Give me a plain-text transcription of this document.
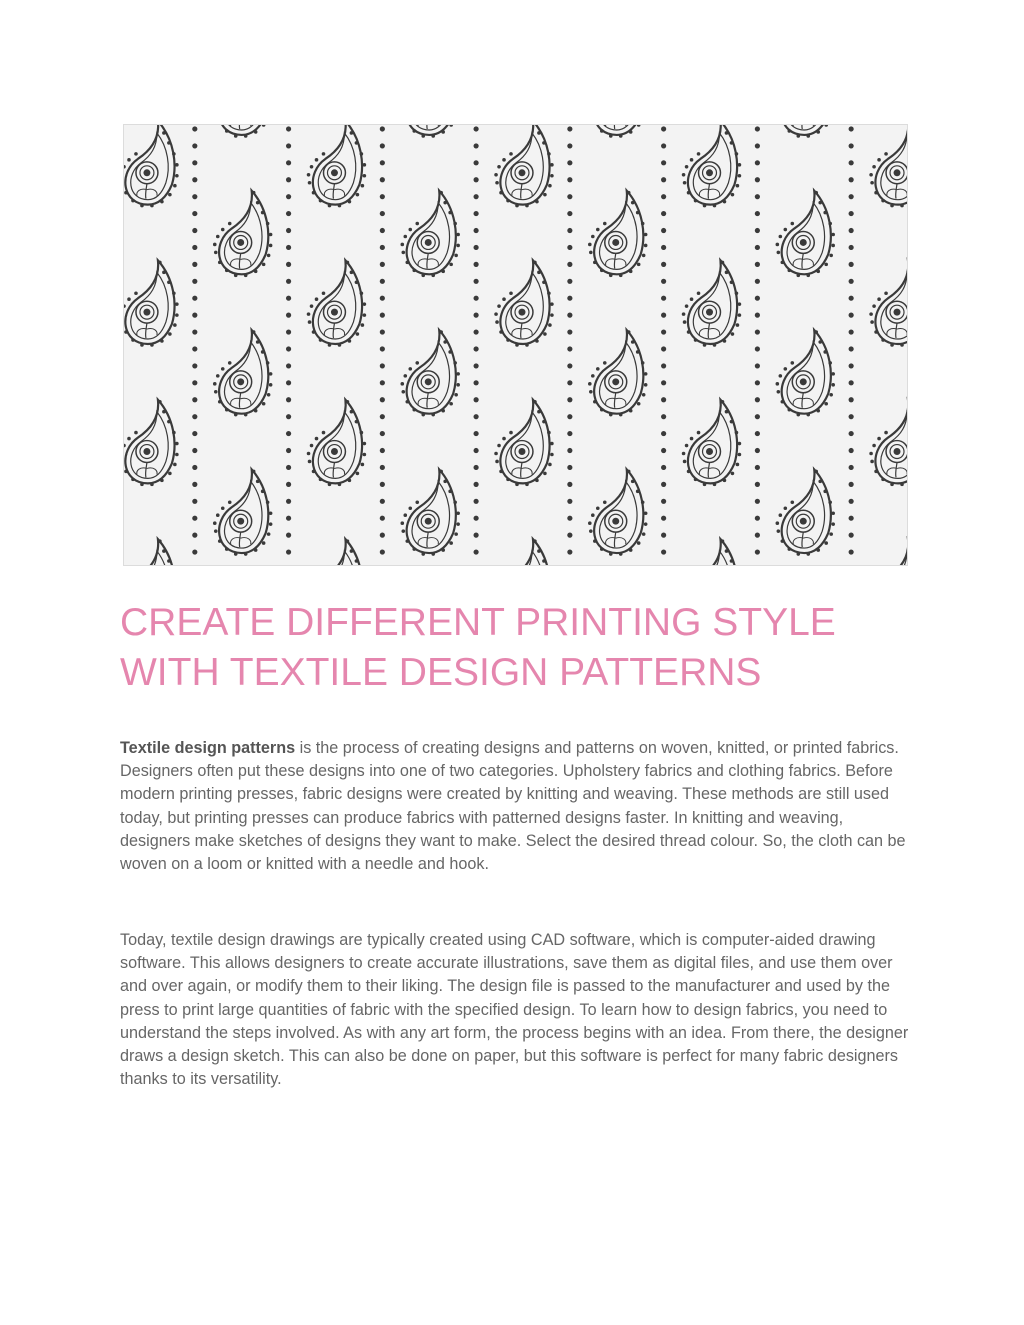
CREATE DIFFERENT PRINTING STYLE
WITH TEXTILE DESIGN PATTERNS

Textile design patterns is the process of creating designs and patterns on woven, knitted, or printed fabrics. Designers often put these designs into one of two categories. Upholstery fabrics and clothing fabrics. Before modern printing presses, fabric designs were created by knitting and weaving. These methods are still used today, but printing presses can produce fabrics with patterned designs faster. In knitting and weaving, designers make sketches of designs they want to make. Select the desired thread colour. So, the cloth can be woven on a loom or knitted with a needle and hook.

Today, textile design drawings are typically created using CAD software, which is computer-aided drawing software. This allows designers to create accurate illustrations, save them as digital files, and use them over and over again, or modify them to their liking. The design file is passed to the manufacturer and used by the press to print large quantities of fabric with the specified design. To learn how to design fabrics, you need to understand the steps involved. As with any art form, the process begins with an idea. From there, the designer draws a design sketch. This can also be done on paper, but this software is perfect for many fabric designers thanks to its versatility.
